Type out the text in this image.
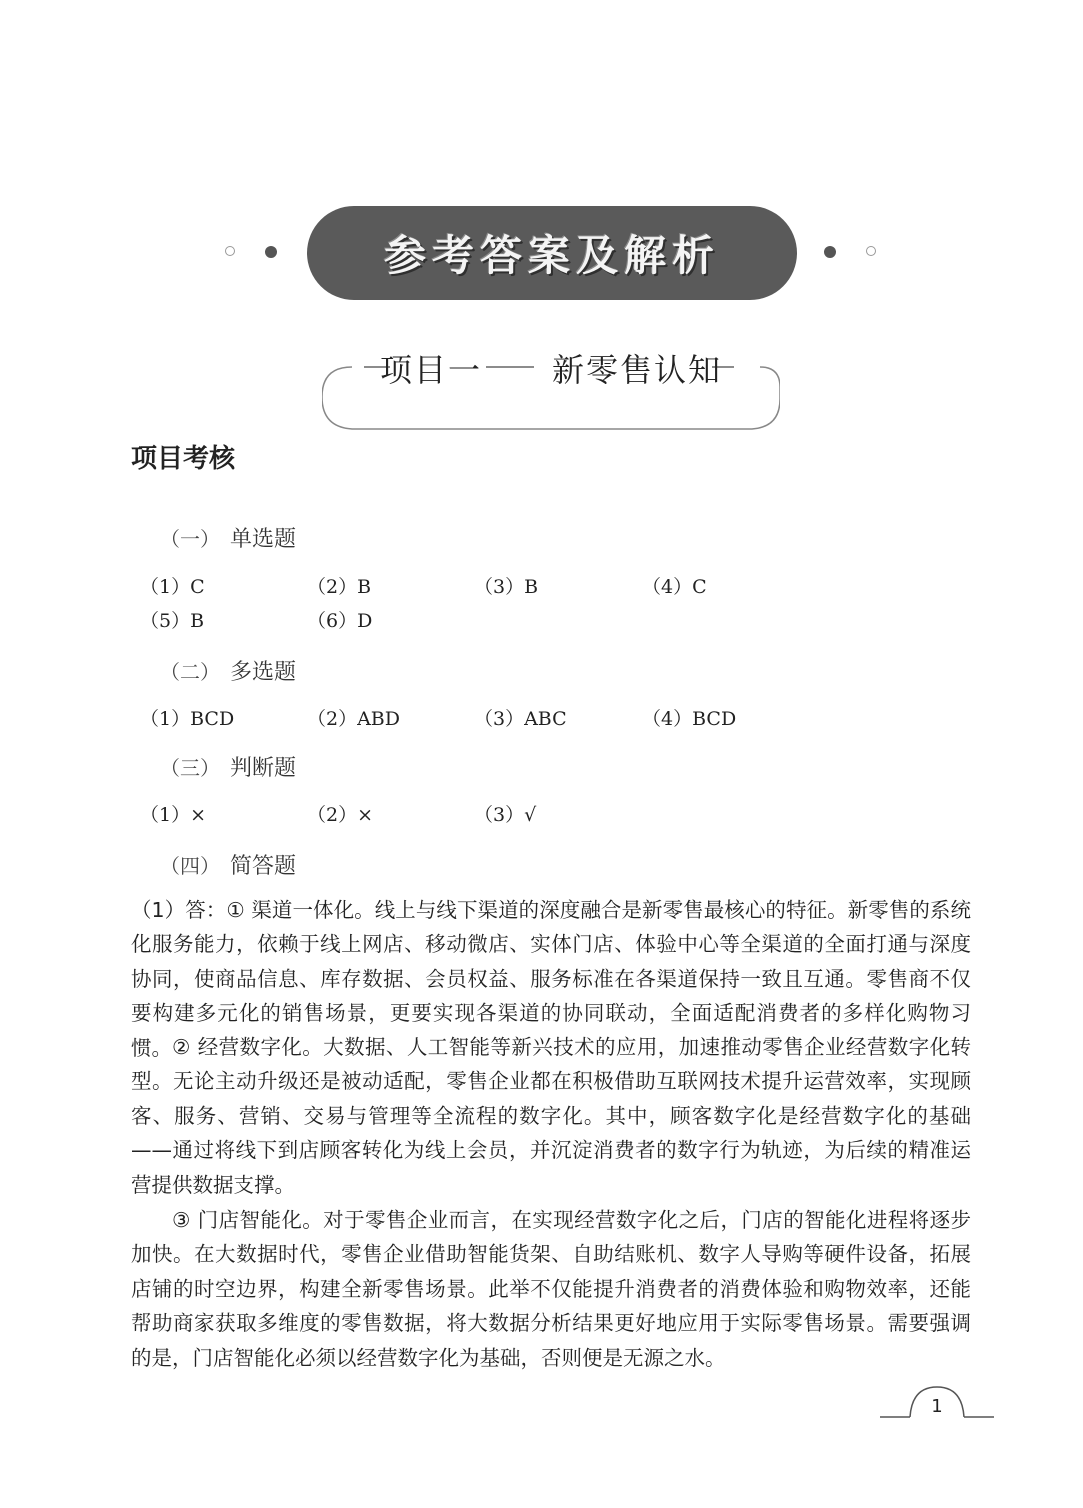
参考答案及解析
项目一 新零售认知
项目考核
（一） 单选题
（1）C	（2）B	（3）B	（4）C
（5）B	（6）D
（二） 多选题
（1）BCD	（2）ABD	（3）ABC	（4）BCD
（三） 判断题
（1）×	（2）×	（3）√
（四） 简答题

（1）答：① 渠道一体化。线上与线下渠道的深度融合是新零售最核心的特征。新零售的系统化服务能力，依赖于线上网店、移动微店、实体门店、体验中心等全渠道的全面打通与深度协同，使商品信息、库存数据、会员权益、服务标准在各渠道保持一致且互通。零售商不仅要构建多元化的销售场景，更要实现各渠道的协同联动，全面适配消费者的多样化购物习惯。 ② 经营数字化。大数据、人工智能等新兴技术的应用，加速推动零售企业经营数字化转型。无论主动升级还是被动适配，零售企业都在积极借助互联网技术提升运营效率，实现顾客、服务、营销、交易与管理等全流程的数字化。其中，顾客数字化是经营数字化的基础——通过将线下到店顾客转化为线上会员，并沉淀消费者的数字行为轨迹，为后续的精准运营提供数据支撑。

③ 门店智能化。对于零售企业而言，在实现经营数字化之后，门店的智能化进程将逐步加快。在大数据时代，零售企业借助智能货架、自助结账机、数字人导购等硬件设备，拓展店铺的时空边界，构建全新零售场景。此举不仅能提升消费者的消费体验和购物效率，还能帮助商家获取多维度的零售数据，将大数据分析结果更好地应用于实际零售场景。需要强调的是，门店智能化必须以经营数字化为基础，否则便是无源之水。

1
